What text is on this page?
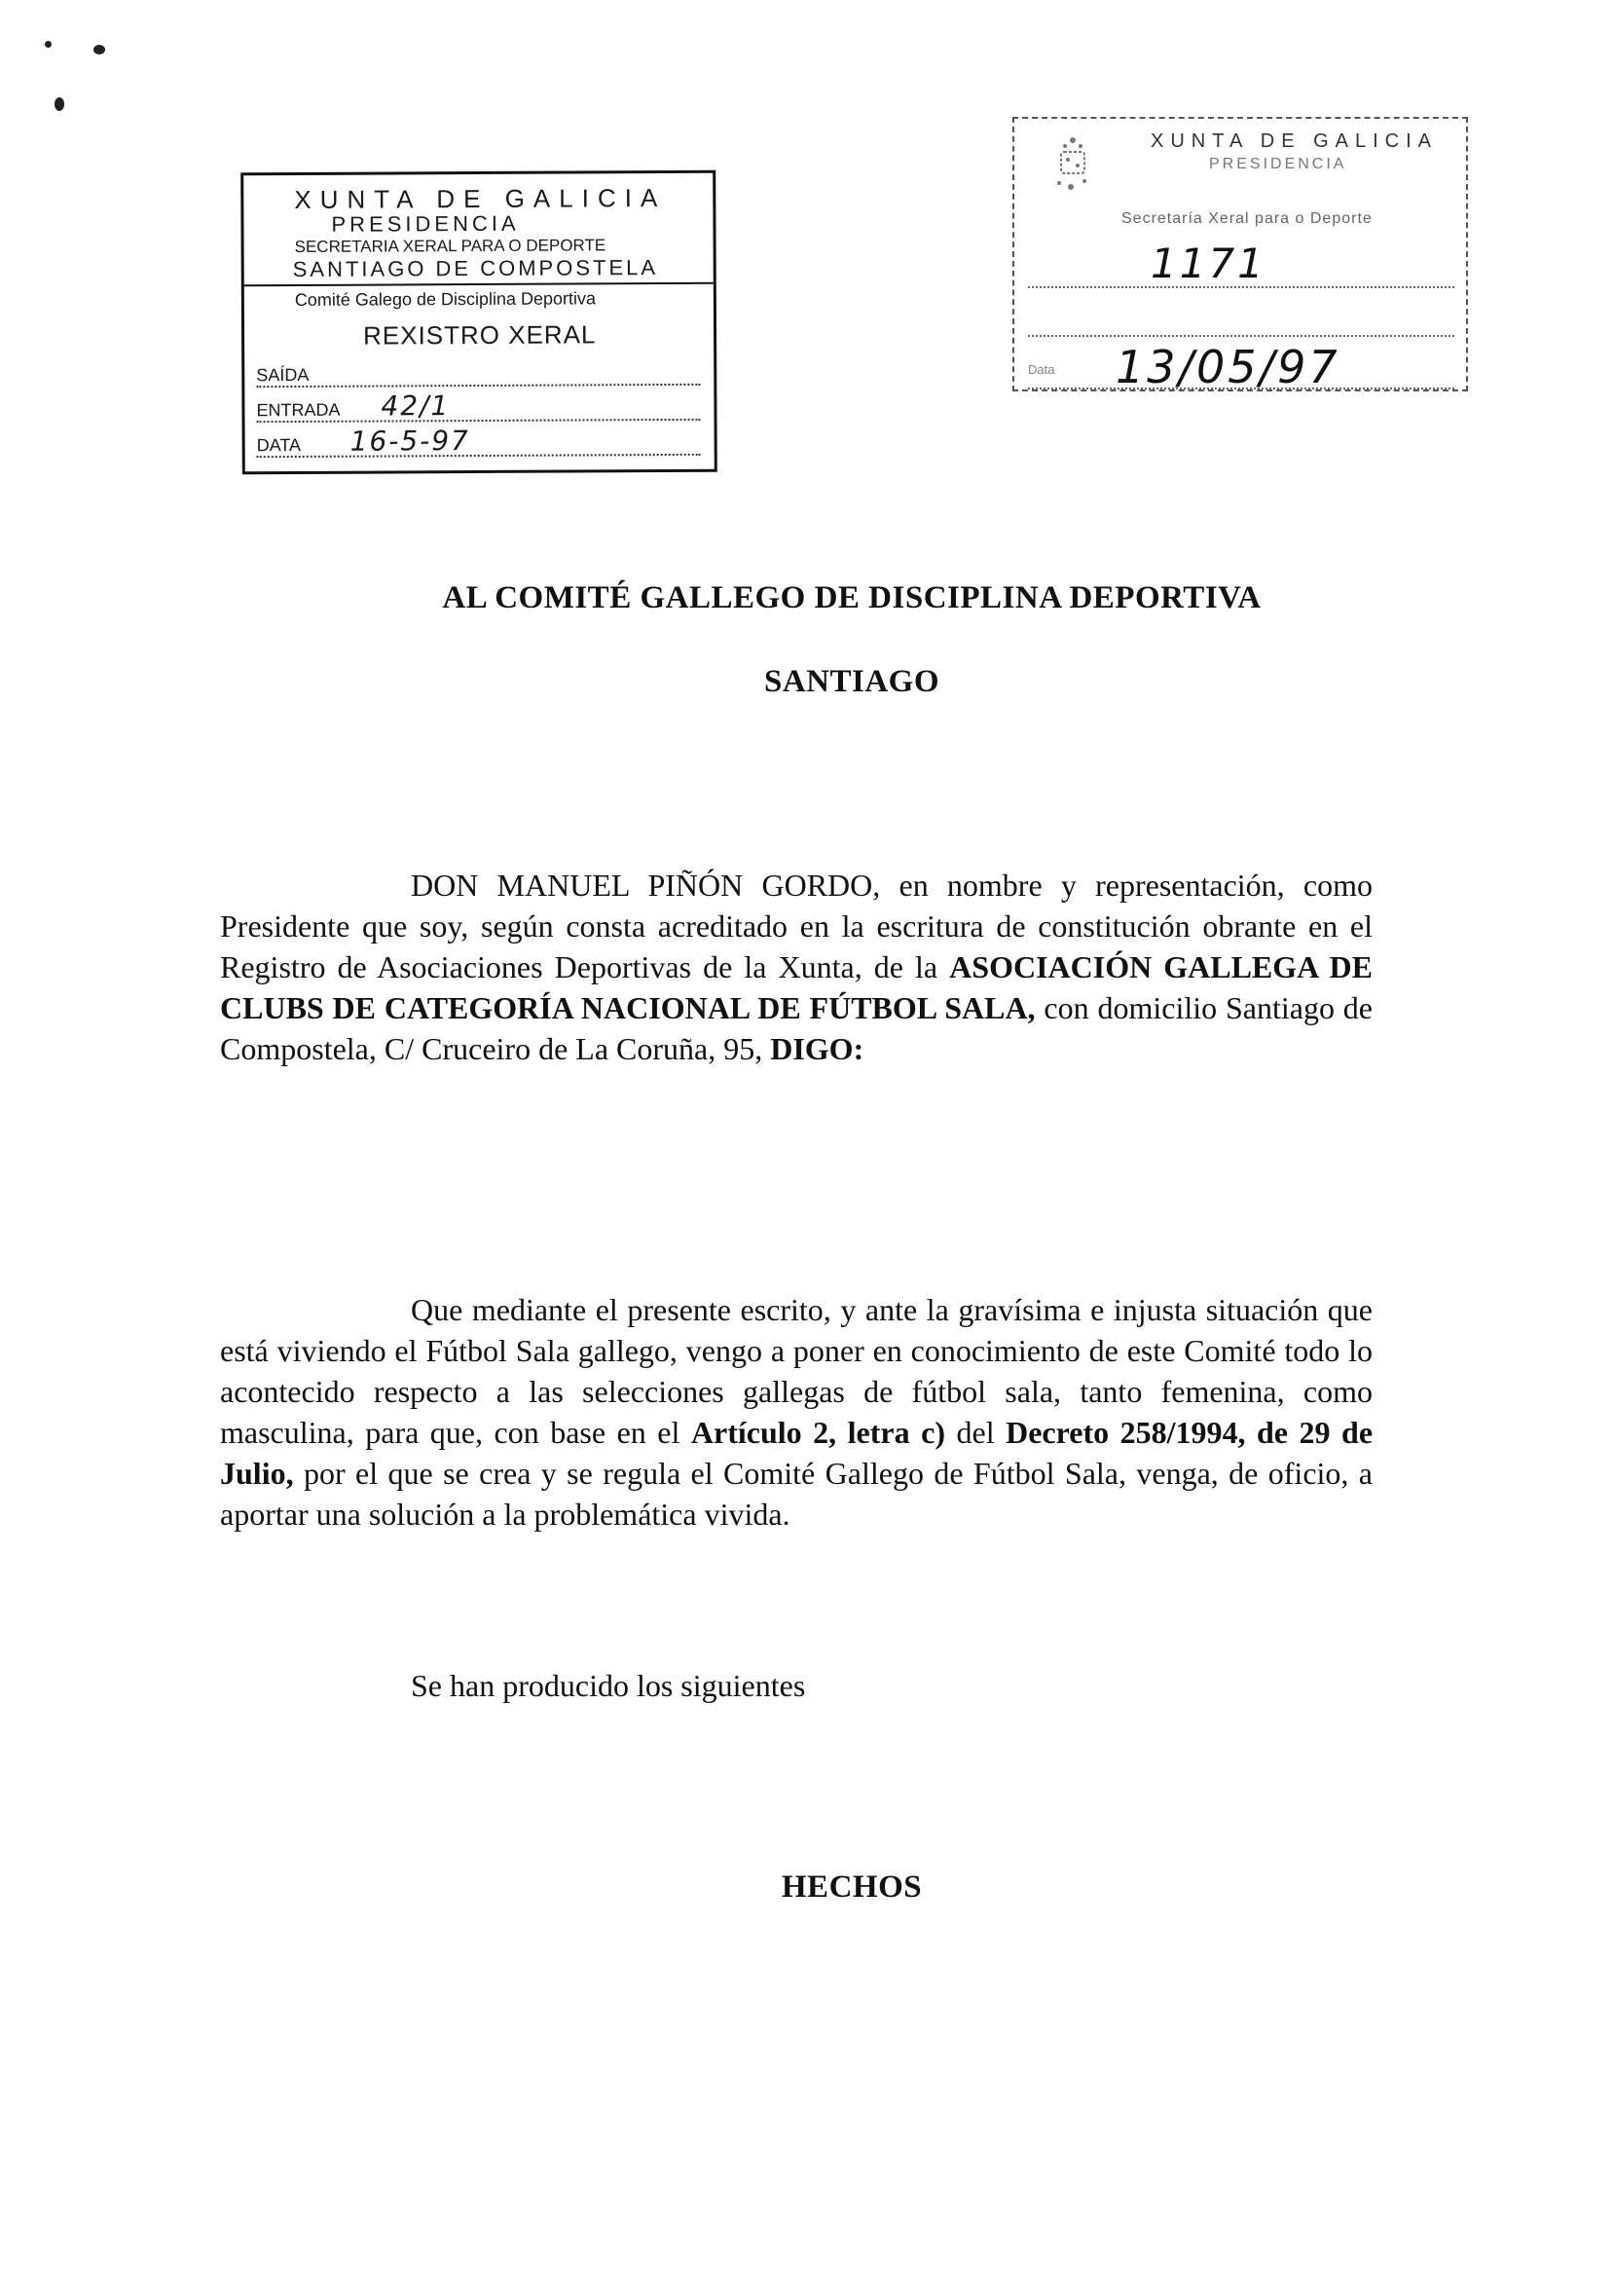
XUNTA DE GALICIA
PRESIDENCIA
SECRETARIA XERAL PARA O DEPORTE
SANTIAGO DE COMPOSTELA
Comité Galego de Disciplina Deportiva
REXISTRO XERAL
SAÍDA
ENTRADA 42/1
DATA 16-5-97
XUNTA DE GALICIA
PRESIDENCIA
Secretaría Xeral para o Deporte
1171
Data 13/05/97
AL COMITÉ GALLEGO DE DISCIPLINA DEPORTIVA
SANTIAGO
DON MANUEL PIÑÓN GORDO, en nombre y representación, como Presidente que soy, según consta acreditado en la escritura de constitución obrante en el Registro de Asociaciones Deportivas de la Xunta, de la ASOCIACIÓN GALLEGA DE CLUBS DE CATEGORÍA NACIONAL DE FÚTBOL SALA, con domicilio Santiago de Compostela, C/ Cruceiro de La Coruña, 95, DIGO:
Que mediante el presente escrito, y ante la gravísima e injusta situación que está viviendo el Fútbol Sala gallego, vengo a poner en conocimiento de este Comité todo lo acontecido respecto a las selecciones gallegas de fútbol sala, tanto femenina, como masculina, para que, con base en el Artículo 2, letra c) del Decreto 258/1994, de 29 de Julio, por el que se crea y se regula el Comité Gallego de Fútbol Sala, venga, de oficio, a aportar una solución a la problemática vivida.
Se han producido los siguientes
HECHOS
